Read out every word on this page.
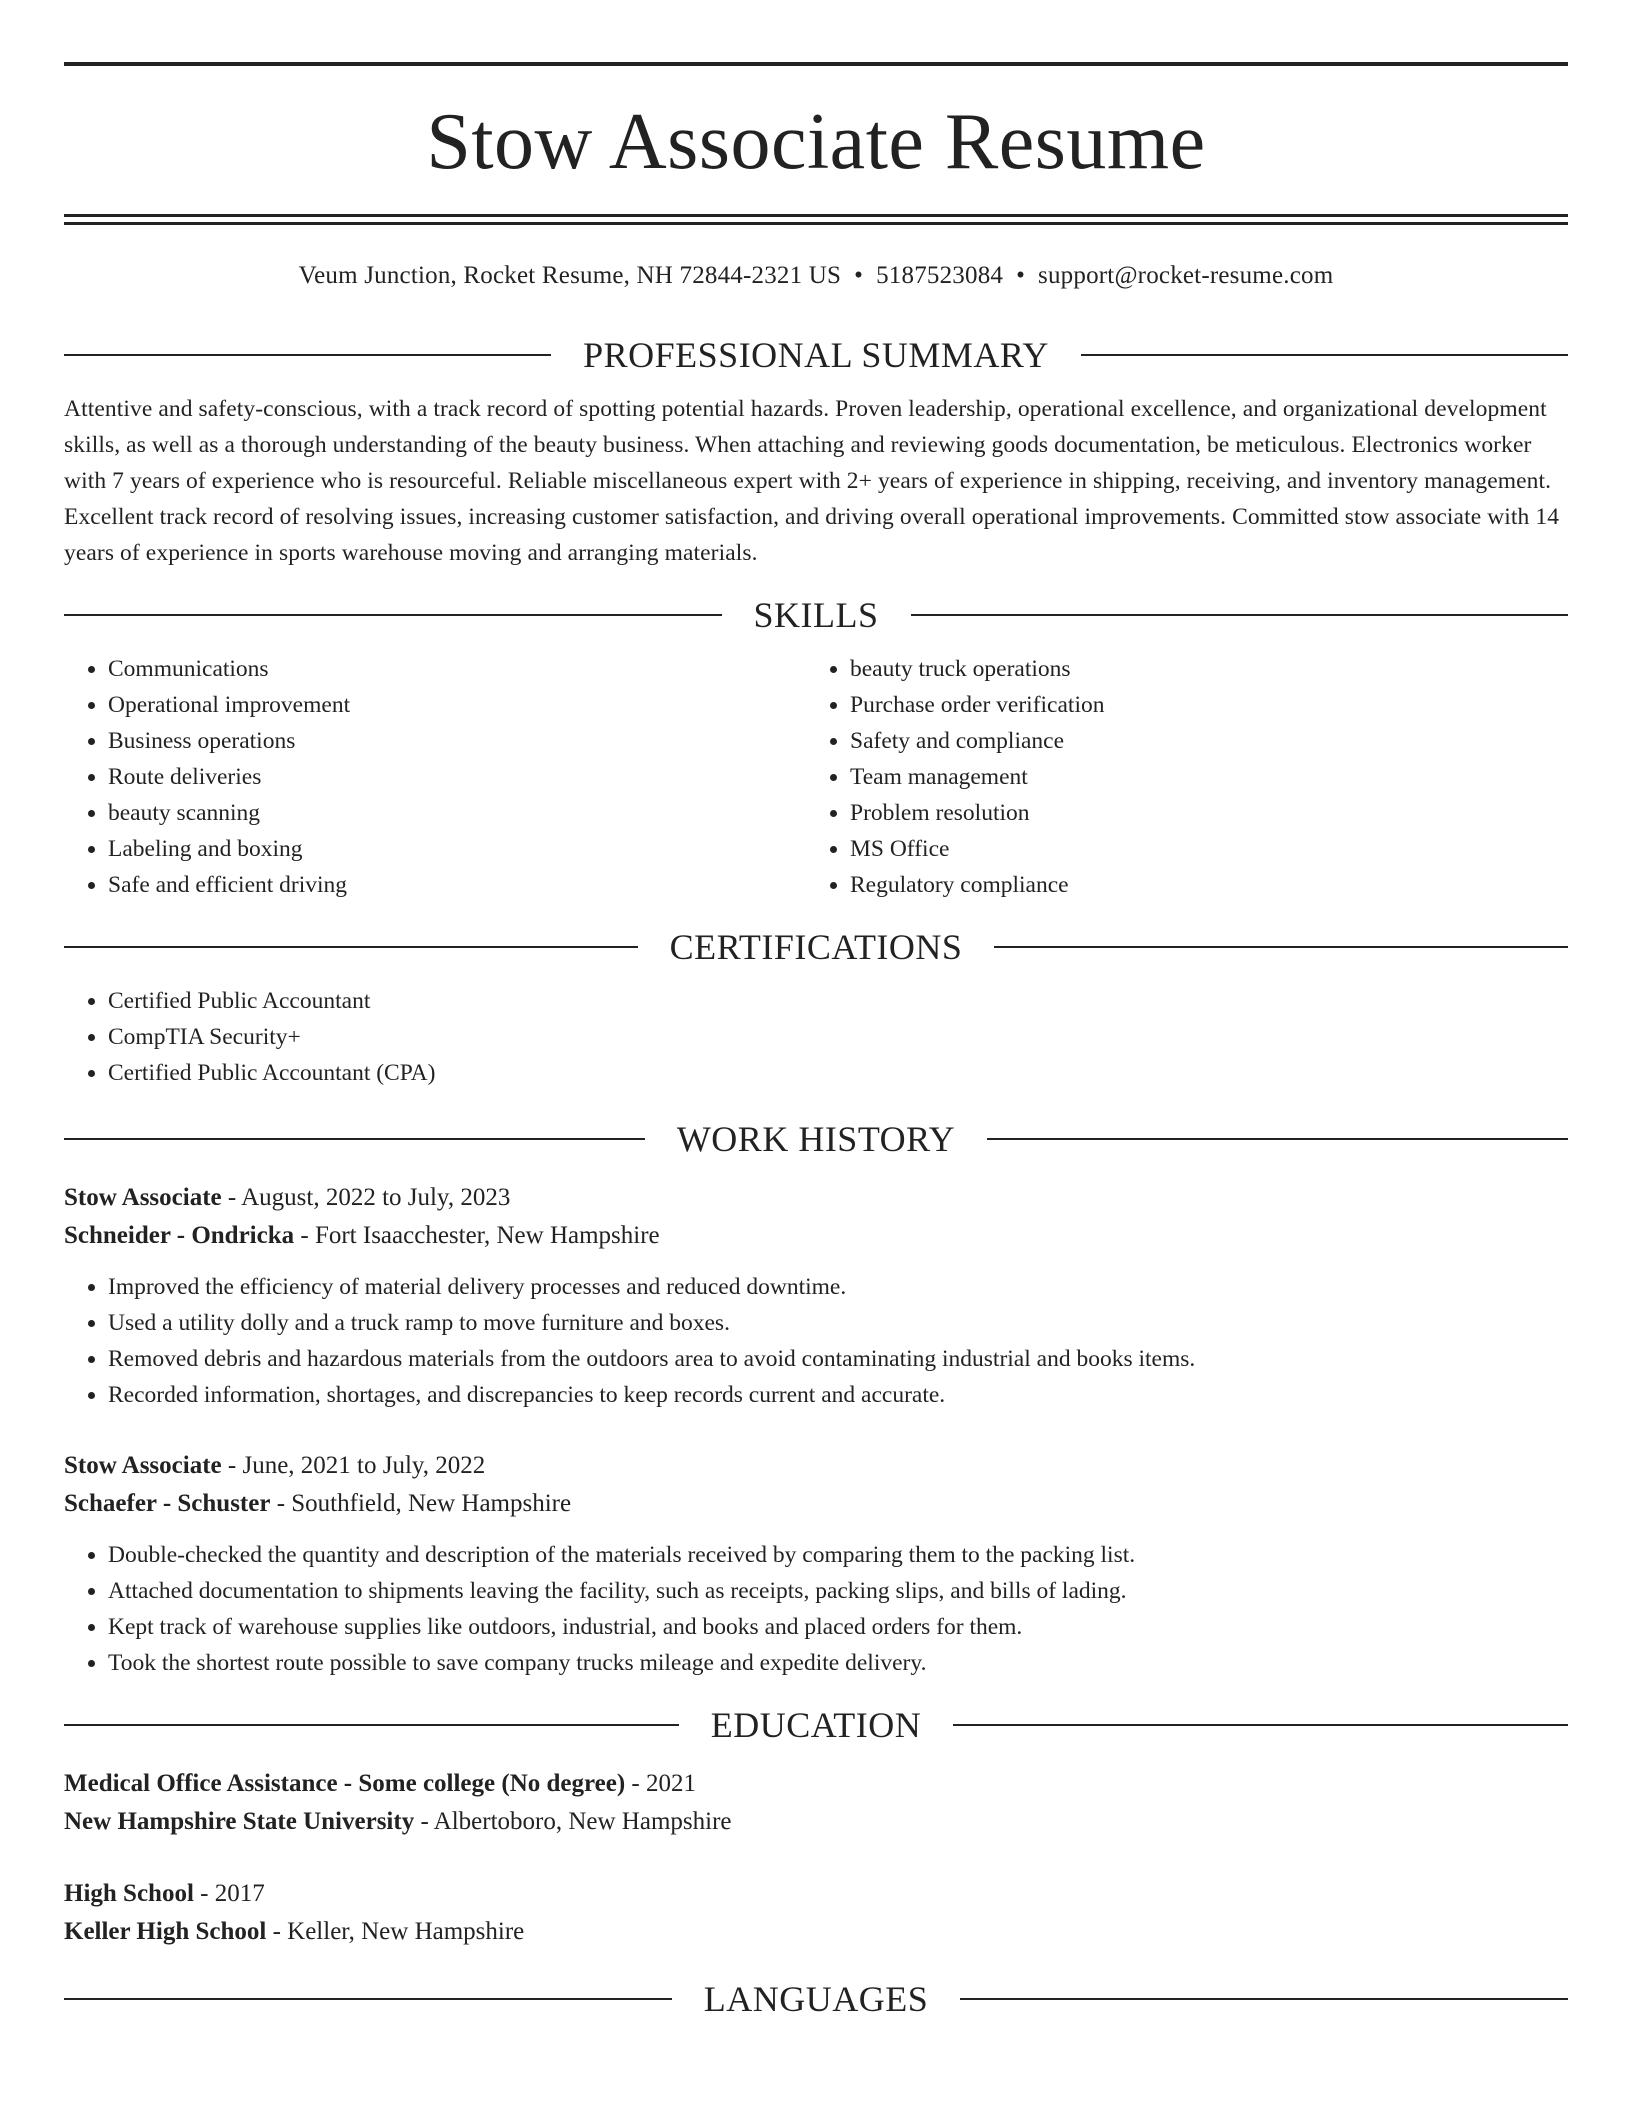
Stow Associate Resume
Veum Junction, Rocket Resume, NH 72844-2321 US • 5187523084 • support@rocket-resume.com
PROFESSIONAL SUMMARY
Attentive and safety-conscious, with a track record of spotting potential hazards. Proven leadership, operational excellence, and organizational development skills, as well as a thorough understanding of the beauty business. When attaching and reviewing goods documentation, be meticulous. Electronics worker with 7 years of experience who is resourceful. Reliable miscellaneous expert with 2+ years of experience in shipping, receiving, and inventory management. Excellent track record of resolving issues, increasing customer satisfaction, and driving overall operational improvements. Committed stow associate with 14 years of experience in sports warehouse moving and arranging materials.
SKILLS
• Communications
• Operational improvement
• Business operations
• Route deliveries
• beauty scanning
• Labeling and boxing
• Safe and efficient driving
• beauty truck operations
• Purchase order verification
• Safety and compliance
• Team management
• Problem resolution
• MS Office
• Regulatory compliance
CERTIFICATIONS
• Certified Public Accountant
• CompTIA Security+
• Certified Public Accountant (CPA)
WORK HISTORY
Stow Associate - August, 2022 to July, 2023
Schneider - Ondricka - Fort Isaacchester, New Hampshire
• Improved the efficiency of material delivery processes and reduced downtime.
• Used a utility dolly and a truck ramp to move furniture and boxes.
• Removed debris and hazardous materials from the outdoors area to avoid contaminating industrial and books items.
• Recorded information, shortages, and discrepancies to keep records current and accurate.
Stow Associate - June, 2021 to July, 2022
Schaefer - Schuster - Southfield, New Hampshire
• Double-checked the quantity and description of the materials received by comparing them to the packing list.
• Attached documentation to shipments leaving the facility, such as receipts, packing slips, and bills of lading.
• Kept track of warehouse supplies like outdoors, industrial, and books and placed orders for them.
• Took the shortest route possible to save company trucks mileage and expedite delivery.
EDUCATION
Medical Office Assistance - Some college (No degree) - 2021
New Hampshire State University - Albertoboro, New Hampshire
High School - 2017
Keller High School - Keller, New Hampshire
LANGUAGES
